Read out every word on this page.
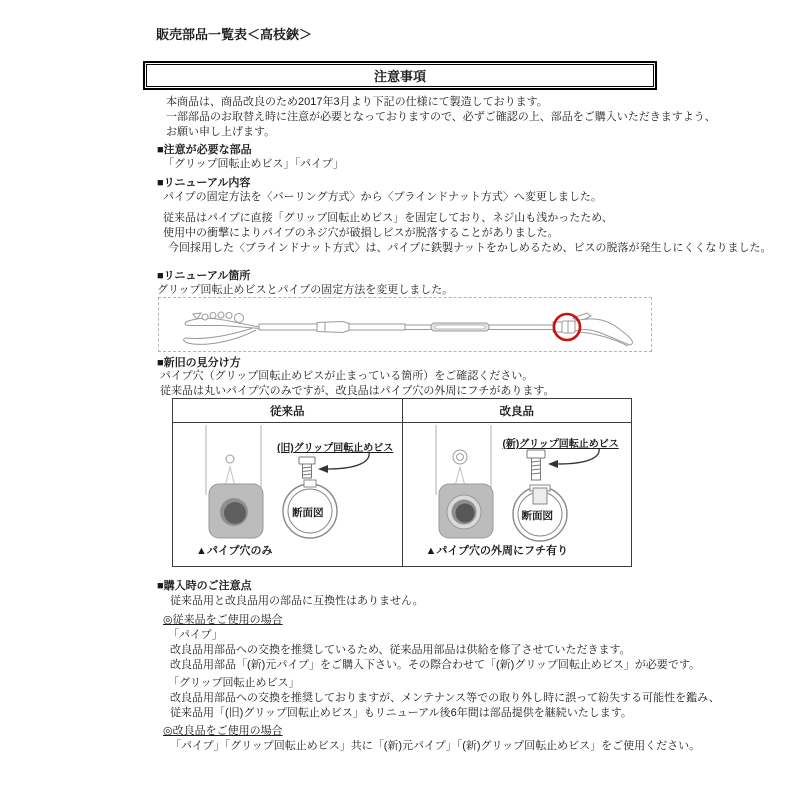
販売部品一覧表＜高枝鋏＞
注意事項
本商品は、商品改良のため2017年3月より下記の仕様にて製造しております。
一部部品のお取替え時に注意が必要となっておりますので、必ずご確認の上、部品をご購入いただきますよう、
お願い申し上げます。
■注意が必要な部品
「グリップ回転止めビス」「パイプ」
■リニューアル内容
パイプの固定方法を〈バーリング方式〉から〈ブラインドナット方式〉へ変更しました。
従来品はパイプに直接「グリップ回転止めビス」を固定しており、ネジ山も浅かったため、
使用中の衝撃によりパイプのネジ穴が破損しビスが脱落することがありました。
今回採用した〈ブラインドナット方式〉は、パイプに鉄製ナットをかしめるため、ビスの脱落が発生しにくくなりました。
■リニューアル箇所
グリップ回転止めビスとパイプの固定方法を変更しました。
■新旧の見分け方
パイプ穴（グリップ回転止めビスが止まっている箇所）をご確認ください。
従来品は丸いパイプ穴のみですが、改良品はパイプ穴の外周にフチがあります。
従来品	改良品
(旧)グリップ回転止めビス
断面図
▲パイプ穴のみ
(新)グリップ回転止めビス
断面図
▲パイプ穴の外周にフチ有り
■購入時のご注意点
従来品用と改良品用の部品に互換性はありません。
◎従来品をご使用の場合
「パイプ」
改良品用部品への交換を推奨しているため、従来品用部品は供給を修了させていただきます。
改良品用部品「(新)元パイプ」をご購入下さい。その際合わせて「(新)グリップ回転止めビス」が必要です。
「グリップ回転止めビス」
改良品用部品への交換を推奨しておりますが、メンテナンス等での取り外し時に誤って紛失する可能性を鑑み、
従来品用「(旧)グリップ回転止めビス」もリニューアル後6年間は部品提供を継続いたします。
◎改良品をご使用の場合
「パイプ」「グリップ回転止めビス」共に「(新)元パイプ」「(新)グリップ回転止めビス」をご使用ください。
